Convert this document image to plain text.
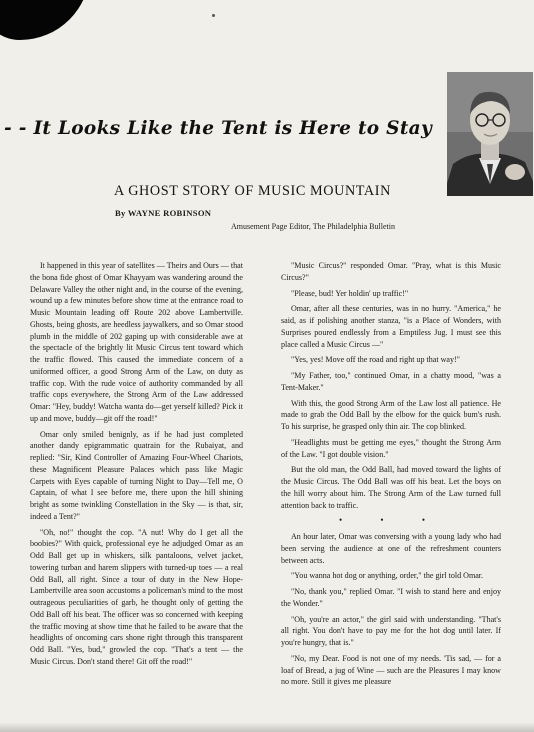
- - It Looks Like the Tent is Here to Stay
A GHOST STORY OF MUSIC MOUNTAIN
By WAYNE ROBINSON
Amusement Page Editor, The Philadelphia Bulletin

It happened in this year of satellites — Theirs and Ours — that the bona fide ghost of Omar Khayyam was wandering around the Delaware Valley the other night and, in the course of the evening, wound up a few minutes before show time at the entrance road to Music Mountain leading off Route 202 above Lambertville. Ghosts, being ghosts, are heedless jaywalkers, and so Omar stood plumb in the middle of 202 gaping up with considerable awe at the spectacle of the brightly lit Music Circus tent toward which the traffic flowed. This caused the immediate concern of a uniformed officer, a good Strong Arm of the Law, on duty as traffic cop. With the rude voice of authority commanded by all traffic cops everywhere, the Strong Arm of the Law addressed Omar: "Hey, buddy! Watcha wanta do—get yerself killed? Pick it up and move, buddy—git off the road!"

Omar only smiled benignly, as if he had just completed another dandy epigrammatic quatrain for the Rubaiyat, and replied: "Sir, Kind Controller of Amazing Four-Wheel Chariots, these Magnificent Pleasure Palaces which pass like Magic Carpets with Eyes capable of turning Night to Day—Tell me, O Captain, of what I see before me, there upon the hill shining bright as some twinkling Constellation in the Sky — is that, sir, indeed a Tent?"

"Oh, no!" thought the cop. "A nut! Why do I get all the boobies?" With quick, professional eye he adjudged Omar as an Odd Ball get up in whiskers, silk pantaloons, velvet jacket, towering turban and harem slippers with turned-up toes — a real Odd Ball, all right. Since a tour of duty in the New Hope-Lambertville area soon accustoms a policeman's mind to the most outrageous peculiarities of garb, he thought only of getting the Odd Ball off his beat. The officer was so concerned with keeping the traffic moving at show time that he failed to be aware that the headlights of oncoming cars shone right through this transparent Odd Ball. "Yes, bud," growled the cop. "That's a tent — the Music Circus. Don't stand there! Git off the road!"

"Music Circus?" responded Omar. "Pray, what is this Music Circus?"

"Please, bud! Yer holdin' up traffic!"

Omar, after all these centuries, was in no hurry. "America," he said, as if polishing another stanza, "is a Place of Wonders, with Surprises poured endlessly from a Emptiless Jug. I must see this place called a Music Circus —"

"Yes, yes! Move off the road and right up that way!"

"My Father, too," continued Omar, in a chatty mood, "was a Tent-Maker."

With this, the good Strong Arm of the Law lost all patience. He made to grab the Odd Ball by the elbow for the quick bum's rush. To his surprise, he grasped only thin air. The cop blinked.

"Headlights must be getting me eyes," thought the Strong Arm of the Law. "I got double vision."

But the old man, the Odd Ball, had moved toward the lights of the Music Circus. The Odd Ball was off his beat. Let the boys on the hill worry about him. The Strong Arm of the Law turned full attention back to traffic.

• • •

An hour later, Omar was conversing with a young lady who had been serving the audience at one of the refreshment counters between acts.

"You wanna hot dog or anything, order," the girl told Omar.

"No, thank you," replied Omar. "I wish to stand here and enjoy the Wonder."

"Oh, you're an actor," the girl said with understanding. "That's all right. You don't have to pay me for the hot dog until later. If you're hungry, that is."

"No, my Dear. Food is not one of my needs. 'Tis sad, — for a loaf of Bread, a jug of Wine — such are the Pleasures I may know no more. Still it gives me pleasure
